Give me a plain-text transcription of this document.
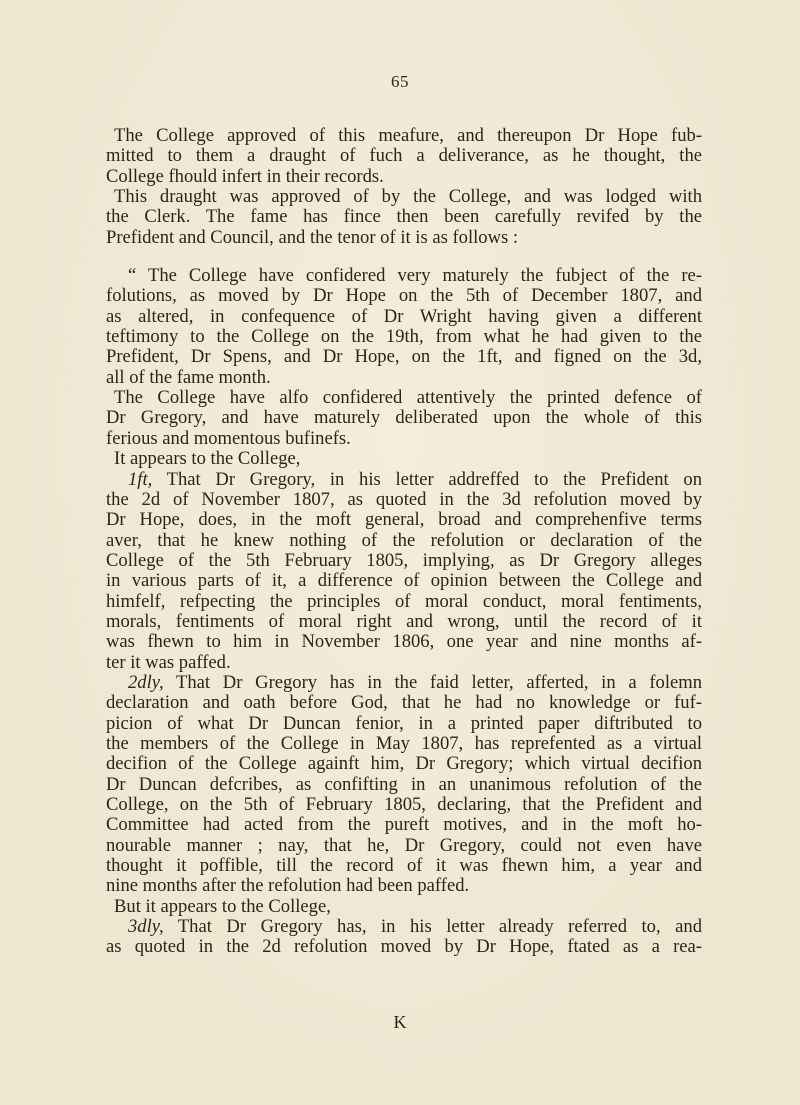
65

The College approved of this meafure, and thereupon Dr Hope fub-
mitted to them a draught of fuch a deliverance, as he thought, the
College fhould infert in their records.

This draught was approved of by the College, and was lodged with
the Clerk. The fame has fince then been carefully revifed by the
Prefident and Council, and the tenor of it is as follows :

“ The College have confidered very maturely the fubject of the re-
folutions, as moved by Dr Hope on the 5th of December 1807, and
as altered, in confequence of Dr Wright having given a different
teftimony to the College on the 19th, from what he had given to the
Prefident, Dr Spens, and Dr Hope, on the 1ft, and figned on the 3d,
all of the fame month.

The College have alfo confidered attentively the printed defence of
Dr Gregory, and have maturely deliberated upon the whole of this
ferious and momentous bufinefs.

It appears to the College,

1ft, That Dr Gregory, in his letter addreffed to the Prefident on
the 2d of November 1807, as quoted in the 3d refolution moved by
Dr Hope, does, in the moft general, broad and comprehenfive terms
aver, that he knew nothing of the refolution or declaration of the
College of the 5th February 1805, implying, as Dr Gregory alleges
in various parts of it, a difference of opinion between the College and
himfelf, refpecting the principles of moral conduct, moral fentiments,
morals, fentiments of moral right and wrong, until the record of it
was fhewn to him in November 1806, one year and nine months af-
ter it was paffed.

2dly, That Dr Gregory has in the faid letter, afferted, in a folemn
declaration and oath before God, that he had no knowledge or fuf-
picion of what Dr Duncan fenior, in a printed paper diftributed to
the members of the College in May 1807, has reprefented as a virtual
decifion of the College againft him, Dr Gregory; which virtual decifion
Dr Duncan defcribes, as confifting in an unanimous refolution of the
College, on the 5th of February 1805, declaring, that the Prefident and
Committee had acted from the pureft motives, and in the moft ho-
nourable manner ; nay, that he, Dr Gregory, could not even have
thought it poffible, till the record of it was fhewn him, a year and
nine months after the refolution had been paffed.

But it appears to the College,

3dly, That Dr Gregory has, in his letter already referred to, and
as quoted in the 2d refolution moved by Dr Hope, ftated as a rea-

K
